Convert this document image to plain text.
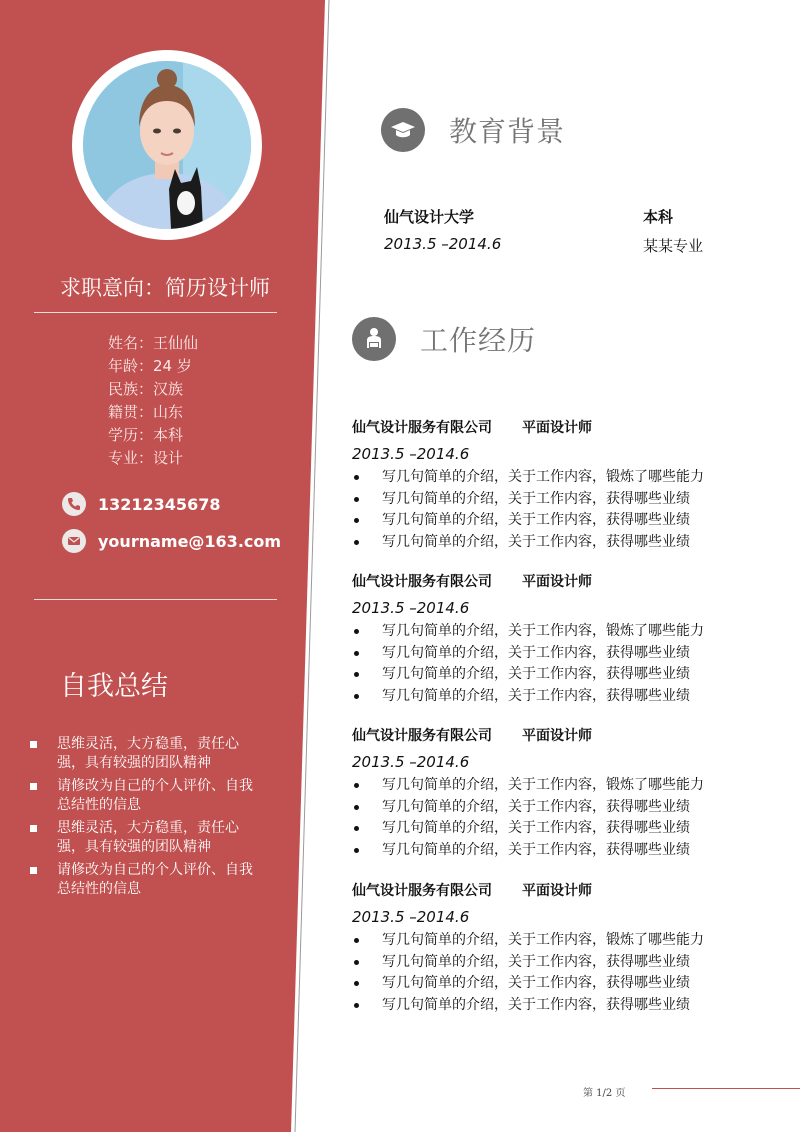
求职意向：简历设计师
姓名：王仙仙
年龄：24 岁
民族：汉族
籍贯：山东
学历：本科
专业：设计
13212345678
yourname@163.com
自我总结
思维灵活，大方稳重，责任心强，具有较强的团队精神
请修改为自己的个人评价、自我总结性的信息
思维灵活，大方稳重，责任心强，具有较强的团队精神
请修改为自己的个人评价、自我总结性的信息
教育背景
仙气设计大学	本科
2013.5 –2014.6	某某专业
工作经历
仙气设计服务有限公司 平面设计师
2013.5 –2014.6
写几句简单的介绍，关于工作内容，锻炼了哪些能力
写几句简单的介绍，关于工作内容，获得哪些业绩
写几句简单的介绍，关于工作内容，获得哪些业绩
写几句简单的介绍，关于工作内容，获得哪些业绩
仙气设计服务有限公司 平面设计师
2013.5 –2014.6
写几句简单的介绍，关于工作内容，锻炼了哪些能力
写几句简单的介绍，关于工作内容，获得哪些业绩
写几句简单的介绍，关于工作内容，获得哪些业绩
写几句简单的介绍，关于工作内容，获得哪些业绩
仙气设计服务有限公司 平面设计师
2013.5 –2014.6
写几句简单的介绍，关于工作内容，锻炼了哪些能力
写几句简单的介绍，关于工作内容，获得哪些业绩
写几句简单的介绍，关于工作内容，获得哪些业绩
写几句简单的介绍，关于工作内容，获得哪些业绩
仙气设计服务有限公司 平面设计师
2013.5 –2014.6
写几句简单的介绍，关于工作内容，锻炼了哪些能力
写几句简单的介绍，关于工作内容，获得哪些业绩
写几句简单的介绍，关于工作内容，获得哪些业绩
写几句简单的介绍，关于工作内容，获得哪些业绩
第 1/2 页
